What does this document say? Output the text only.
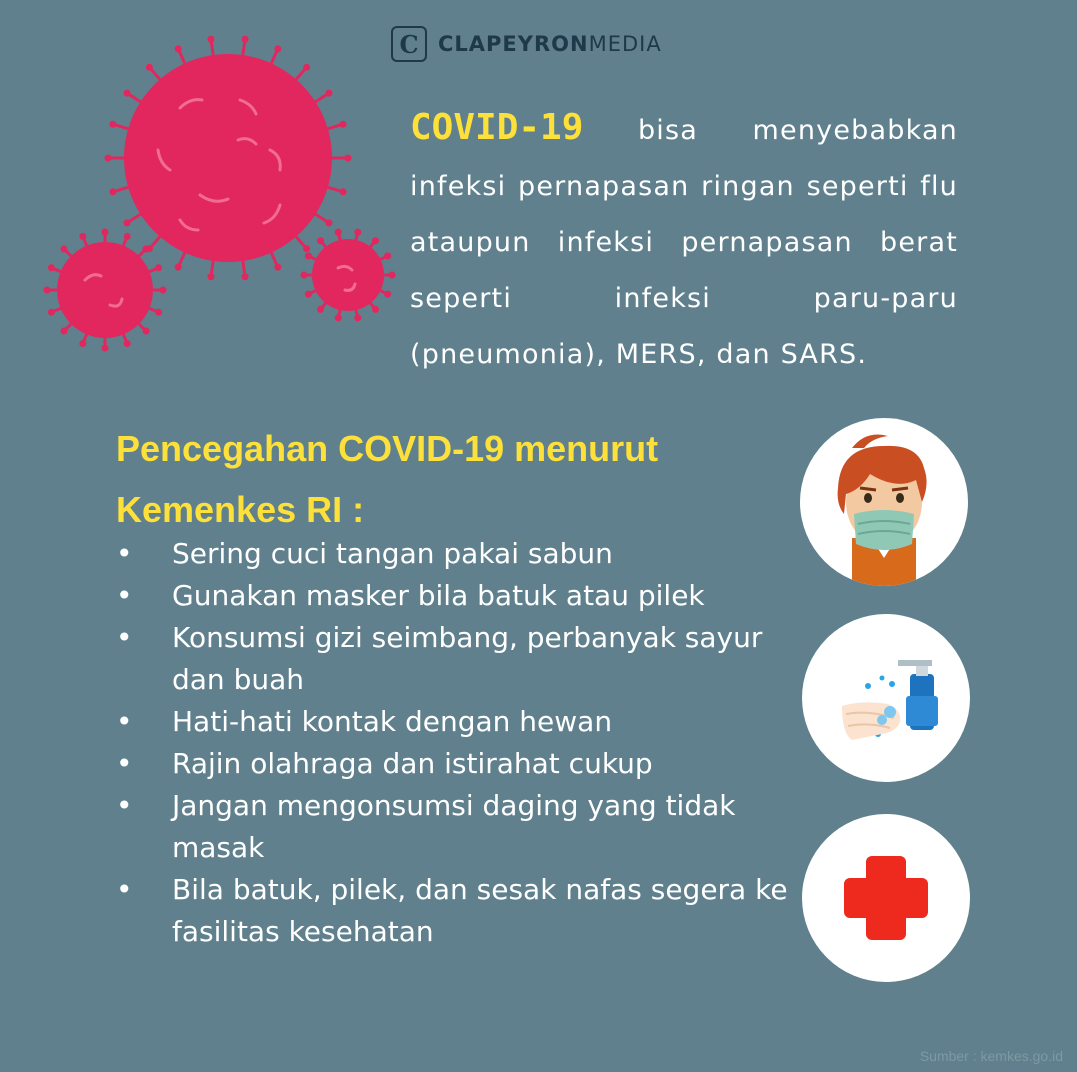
C CLAPEYRONMEDIA
COVID-19 bisa menyebabkan infeksi pernapasan ringan seperti flu ataupun infeksi pernapasan berat seperti infeksi paru-paru (pneumonia), MERS, dan SARS.
Pencegahan COVID-19 menurut Kemenkes RI :
• Sering cuci tangan pakai sabun
• Gunakan masker bila batuk atau pilek
• Konsumsi gizi seimbang, perbanyak sayur dan buah
• Hati-hati kontak dengan hewan
• Rajin olahraga dan istirahat cukup
• Jangan mengonsumsi daging yang tidak masak
• Bila batuk, pilek, dan sesak nafas segera ke fasilitas kesehatan
Sumber : kemkes.go.id
